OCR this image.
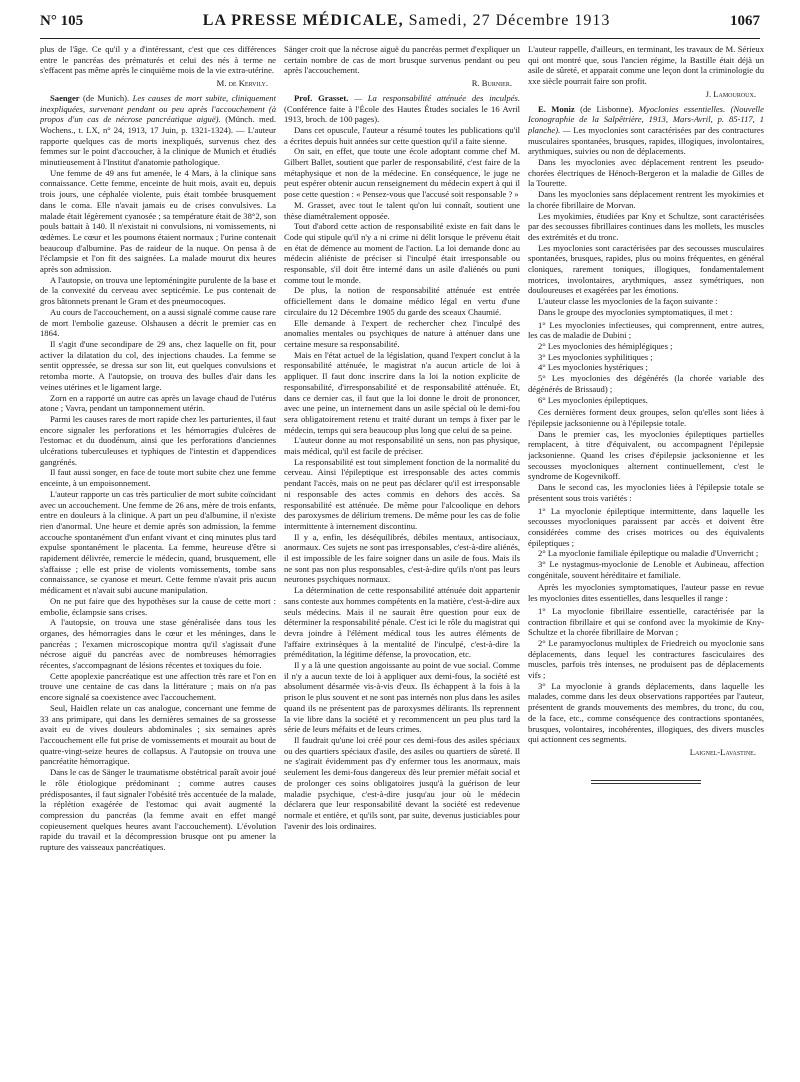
N° 105	LA PRESSE MÉDICALE, Samedi, 27 Décembre 1913	1067

plus de l'âge. Ce qu'il y a d'intéressant, c'est que ces différences entre le pancréas des prématurés et celui des nés à terme ne s'effacent pas même après le cinquième mois de la vie extra-utérine.

M. de Kervily.

Saenger (de Munich). Les causes de mort subite, cliniquement inexpliquées, survenant pendant ou peu après l'accouchement (à propos d'un cas de nécrose pancréatique aiguë). (Münch. med. Wochens., t. LX, n° 24, 1913, 17 Juin, p. 1321-1324). — L'auteur rapporte quelques cas de morts inexpliqués, survenus chez des femmes sur le point d'accoucher, à la clinique de Munich et étudiés minutieusement à l'Institut d'anatomie pathologique.

Une femme de 49 ans fut amenée, le 4 Mars, à la clinique sans connaissance. Cette femme, enceinte de huit mois, avait eu, depuis trois jours, une céphalée violente, puis était tombée brusquement dans le coma. Elle n'avait jamais eu de crises convulsives. La malade était légèrement cyanosée ; sa température était de 38°2, son pouls battait à 140. Il n'existait ni convulsions, ni vomissements, ni œdèmes. Le cœur et les poumons étaient normaux ; l'urine contenait beaucoup d'albumine. Pas de raideur de la nuque. On pensa à de l'éclampsie et l'on fit des saignées. La malade mourut dix heures après son admission.

A l'autopsie, on trouva une leptoméningite purulente de la base et de la convexité du cerveau avec septicémie. Le pus contenait de gros bâtonnets prenant le Gram et des pneumocoques.

Au cours de l'accouchement, on a aussi signalé comme cause rare de mort l'embolie gazeuse. Olshausen a décrit le premier cas en 1864.

Il s'agit d'une secondipare de 29 ans, chez laquelle on fit, pour activer la dilatation du col, des injections chaudes. La femme se sentit oppressée, se dressa sur son lit, eut quelques convulsions et retomba morte. A l'autopsie, on trouva des bulles d'air dans les veines utérines et le ligament large.

Zorn en a rapporté un autre cas après un lavage chaud de l'utérus atone ; Vavra, pendant un tamponnement utérin.

Parmi les causes rares de mort rapide chez les parturientes, il faut encore signaler les perforations et les hémorragies d'ulcères de l'estomac et du duodénum, ainsi que les perforations d'anciennes ulcérations tuberculeuses et typhiques de l'intestin et d'appendices gangrénés.

Il faut aussi songer, en face de toute mort subite chez une femme enceinte, à un empoisonnement.

L'auteur rapporte un cas très particulier de mort subite coïncidant avec un accouchement. Une femme de 26 ans, mère de trois enfants, entre en douleurs à la clinique. A part un peu d'albumine, il n'existe rien d'anormal. Une heure et demie après son admission, la femme accouche spontanément d'un enfant vivant et cinq minutes plus tard expulse spontanément le placenta. La femme, heureuse d'être si rapidement délivrée, remercie le médecin, quand, brusquement, elle s'affaisse ; elle est prise de violents vomissements, tombe sans connaissance, se cyanose et meurt. Cette femme n'avait pris aucun médicament et n'avait subi aucune manipulation.

On ne put faire que des hypothèses sur la cause de cette mort : embolie, éclampsie sans crises.

A l'autopsie, on trouva une stase généralisée dans tous les organes, des hémorragies dans le cœur et les méninges, dans le pancréas ; l'examen microscopique montra qu'il s'agissait d'une nécrose aiguë du pancréas avec de nombreuses hémorragies récentes, s'accompagnant de lésions récentes et toxiques du foie.

Cette apoplexie pancréatique est une affection très rare et l'on en trouve une centaine de cas dans la littérature ; mais on n'a pas encore signalé sa coexistence avec l'accouchement.

Seul, Haidlen relate un cas analogue, concernant une femme de 33 ans primipare, qui dans les dernières semaines de sa grossesse avait eu de vives douleurs abdominales ; six semaines après l'accouchement elle fut prise de vomissements et mourait au bout de quatre-vingt-seize heures de collapsus. A l'autopsie on trouva une pancréatite hémorragique.

Dans le cas de Sänger le traumatisme obstétrical paraît avoir joué le rôle étiologique prédominant ; comme autres causes prédisposantes, il faut signaler l'obésité très accentuée de la malade, la réplétion exagérée de l'estomac qui avait augmenté la compression du pancréas (la femme avait en effet mangé copieusement quelques heures avant l'accouchement). L'évolution rapide du travail et la décompression brusque ont pu amener la rupture des vaisseaux pancréatiques.

Sänger croit que la nécrose aiguë du pancréas permet d'expliquer un certain nombre de cas de mort brusque survenus pendant ou peu après l'accouchement.

R. Burnier.

Prof. Grasset. — La responsabilité atténuée des inculpés. (Conférence faite à l'École des Hautes Études sociales le 16 Avril 1913, broch. de 100 pages).

Dans cet opuscule, l'auteur a résumé toutes les publications qu'il a écrites depuis huit années sur cette question qu'il a faite sienne.

On sait, en effet, que toute une école adoptant comme chef M. Gilbert Ballet, soutient que parler de responsabilité, c'est faire de la métaphysique et non de la médecine. En conséquence, le juge ne peut espérer obtenir aucun renseignement du médecin expert à qui il pose cette question : « Pensez-vous que l'accusé soit responsable ? »

M. Grasset, avec tout le talent qu'on lui connaît, soutient une thèse diamétralement opposée.

Tout d'abord cette action de responsabilité existe en fait dans le Code qui stipule qu'il n'y a ni crime ni délit lorsque le prévenu était en état de démence au moment de l'action. La loi demande donc au médecin aliéniste de préciser si l'inculpé était irresponsable ou responsable, s'il doit être interné dans un asile d'aliénés ou puni comme tout le monde.

De plus, la notion de responsabilité atténuée est entrée officiellement dans le domaine médico légal en vertu d'une circulaire du 12 Décembre 1905 du garde des sceaux Chaumié.

Elle demande à l'expert de rechercher chez l'inculpé des anomalies mentales ou psychiques de nature à atténuer dans une certaine mesure sa responsabilité.

Mais en l'état actuel de la législation, quand l'expert conclut à la responsabilité atténuée, le magistrat n'a aucun article de loi à appliquer. Il faut donc inscrire dans la loi la notion explicite de responsabilité, d'irresponsabilité et de responsabilité atténuée. Et, dans ce dernier cas, il faut que la loi donne le droit de prononcer, avec une peine, un internement dans un asile spécial où le demi-fou sera obligatoirement retenu et traité durant un temps à fixer par le médecin, temps qui sera beaucoup plus long que celui de sa peine.

L'auteur donne au mot responsabilité un sens, non pas physique, mais médical, qu'il est facile de préciser.

La responsabilité est tout simplement fonction de la normalité du cerveau. Ainsi l'épileptique est irresponsable des actes commis pendant l'accès, mais on ne peut pas déclarer qu'il est irresponsable ni responsable des actes commis en dehors des accès. Sa responsabilité est atténuée. De même pour l'alcoolique en dehors des paroxysmes de délirium tremens. De même pour les cas de folie intermittente à internement discontinu.

Il y a, enfin, les déséquilibrés, débiles mentaux, antisociaux, anormaux. Ces sujets ne sont pas irresponsables, c'est-à-dire aliénés, il est impossible de les faire soigner dans un asile de fous. Mais ils ne sont pas non plus responsables, c'est-à-dire qu'ils n'ont pas leurs neurones psychiques normaux.

La détermination de cette responsabilité atténuée doit appartenir sans conteste aux hommes compétents en la matière, c'est-à-dire aux seuls médecins. Mais il ne saurait être question pour eux de déterminer la responsabilité pénale. C'est ici le rôle du magistrat qui devra joindre à l'élément médical tous les autres éléments de l'affaire extrinsèques à la mentalité de l'inculpé, c'est-à-dire la préméditation, la légitime défense, la provocation, etc.

Il y a là une question angoissante au point de vue social. Comme il n'y a aucun texte de loi à appliquer aux demi-fous, la société est absolument désarmée vis-à-vis d'eux. Ils échappent à la fois à la prison le plus souvent et ne sont pas internés non plus dans les asiles quand ils ne présentent pas de paroxysmes délirants. Ils reprennent la vie libre dans la société et y recommencent un peu plus tard la série de leurs méfaits et de leurs crimes.

Il faudrait qu'une loi créé pour ces demi-fous des asiles spéciaux ou des quartiers spéciaux d'asile, des asiles ou quartiers de sûreté. Il ne s'agirait évidemment pas d'y enfermer tous les anormaux, mais seulement les demi-fous dangereux dès leur premier méfait social et de prolonger ces soins obligatoires jusqu'à la guérison de leur maladie psychique, c'est-à-dire jusqu'au jour où le médecin déclarera que leur responsabilité devant la société est redevenue normale et entière, et qu'ils sont, par suite, devenus justiciables pour l'avenir des lois ordinaires.

L'auteur rappelle, d'ailleurs, en terminant, les travaux de M. Sérieux qui ont montré que, sous l'ancien régime, la Bastille était déjà un asile de sûreté, et apparait comme une leçon dont la criminologie du xxe siècle pourrait faire son profit.

J. Lamouroux.

E. Moniz (de Lisbonne). Myoclonies essentielles. (Nouvelle Iconographie de la Salpêtrière, 1913, Mars-Avril, p. 85-117, 1 planche). — Les myoclonies sont caractérisées par des contractures musculaires spontanées, brusques, rapides, illogiques, involontaires, arythmiques, suivies ou non de déplacements.

Dans les myoclonies avec déplacement rentrent les pseudo-chorées électriques de Hénoch-Bergeron et la maladie de Gilles de la Tourette.

Dans les myoclonies sans déplacement rentrent les myokimies et la chorée fibrillaire de Morvan.

Les myokimies, étudiées par Kny et Schultze, sont caractérisées par des secousses fibrillaires continues dans les mollets, les muscles des extrémités et du tronc.

Les myoclonies sont caractérisées par des secousses musculaires spontanées, brusques, rapides, plus ou moins fréquentes, en général cloniques, rarement toniques, illogiques, fondamentalement motrices, involontaires, arythmiques, assez symétriques, non douloureuses et exagérées par les émotions.

L'auteur classe les myoclonies de la façon suivante :

Dans le groupe des myoclonies symptomatiques, il met :

1° Les myoclonies infectieuses, qui comprennent, entre autres, les cas de maladie de Dubini ;
2° Les myoclonies des hémiplégiques ;
3° Les myoclonies syphilitiques ;
4° Les myoclonies hystériques ;
5° Les myoclonies des dégénérés (la chorée variable des dégénérés de Brissaud) ;
6° Les myoclonies épileptiques.

Ces dernières forment deux groupes, selon qu'elles sont liées à l'épilepsie jacksonienne ou à l'épilepsie totale.

Dans le premier cas, les myoclonies épileptiques partielles remplacent, à titre d'équivalent, ou accompagnent l'épilepsie jacksonienne. Quand les crises d'épilepsie jacksonienne et les secousses myocloniques alternent continuellement, c'est le syndrome de Kogevnikoff.

Dans le second cas, les myoclonies liées à l'épilepsie totale se présentent sous trois variétés :

1° La myoclonie épileptique intermittente, dans laquelle les secousses myocloniques paraissent par accès et doivent être considérées comme des crises motrices ou des équivalents épileptiques ;
2° La myoclonie familiale épileptique ou maladie d'Unverricht ;
3° Le nystagmus-myoclonie de Lenoble et Aubineau, affection congénitale, souvent héréditaire et familiale.

Après les myoclonies symptomatiques, l'auteur passe en revue les myoclonies dites essentielles, dans lesquelles il range :

1° La myoclonie fibrillaire essentielle, caractérisée par la contraction fibrillaire et qui se confond avec la myokimie de Kny-Schultze et la chorée fibrillaire de Morvan ;
2° Le paramyoclonus multiplex de Friedreich ou myoclonie sans déplacements, dans lequel les contractures fasciculaires des muscles, parfois très intenses, ne produisent pas de déplacements vifs ;
3° La myoclonie à grands déplacements, dans laquelle les malades, comme dans les deux observations rapportées par l'auteur, présentent de grands mouvements des membres, du tronc, du cou, de la face, etc., comme conséquence des contractions spontanées, brusques, volontaires, incohérentes, illogiques, des divers muscles qui actionnent ces segments.
Laignel-Lavastine.
